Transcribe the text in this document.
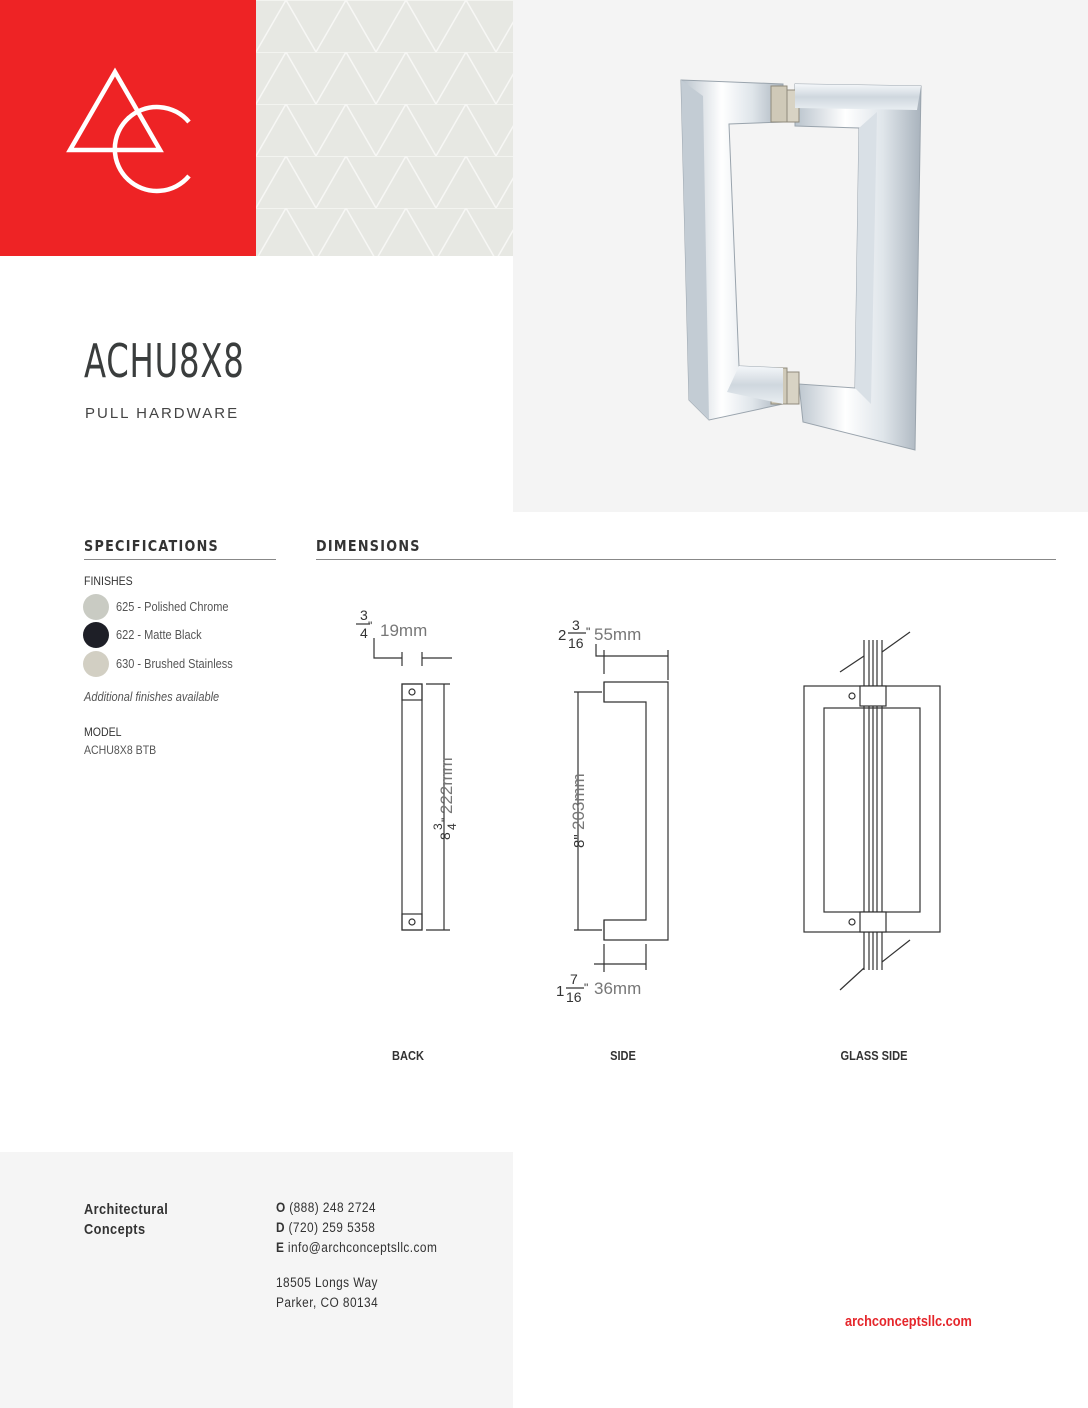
ACHU8X8
PULL HARDWARE
SPECIFICATIONS
FINISHES
625 - Polished Chrome
622 - Matte Black
630 - Brushed Stainless
Additional finishes available
MODEL
ACHU8X8 BTB
DIMENSIONS
3
4 " 19mm
8
3 4
"
222mm
2
3
16
" 55mm
8"
203mm
1
7
16
" 36mm
BACK	SIDE	GLASS SIDE
Architectural
Concepts
O (888) 248 2724
D (720) 259 5358
E info@archconceptsllc.com
18505 Longs Way
Parker, CO 80134
archconceptsllc.com
